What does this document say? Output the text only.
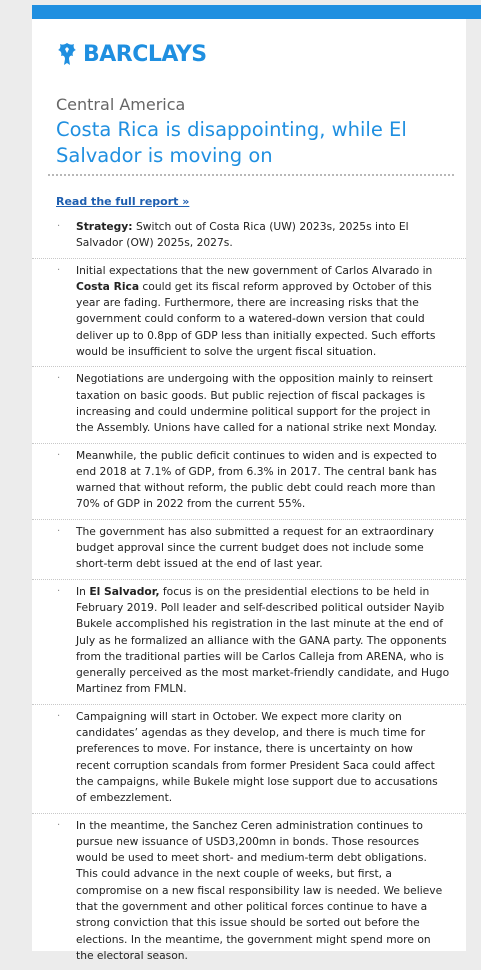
BARCLAYS
Central America
Costa Rica is disappointing, while El Salvador is moving on
Read the full report »
· Strategy: Switch out of Costa Rica (UW) 2023s, 2025s into El Salvador (OW) 2025s, 2027s.
· Initial expectations that the new government of Carlos Alvarado in Costa Rica could get its fiscal reform approved by October of this year are fading. Furthermore, there are increasing risks that the government could conform to a watered-down version that could deliver up to 0.8pp of GDP less than initially expected. Such efforts would be insufficient to solve the urgent fiscal situation.
· Negotiations are undergoing with the opposition mainly to reinsert taxation on basic goods. But public rejection of fiscal packages is increasing and could undermine political support for the project in the Assembly. Unions have called for a national strike next Monday.
· Meanwhile, the public deficit continues to widen and is expected to end 2018 at 7.1% of GDP, from 6.3% in 2017. The central bank has warned that without reform, the public debt could reach more than 70% of GDP in 2022 from the current 55%.
· The government has also submitted a request for an extraordinary budget approval since the current budget does not include some short-term debt issued at the end of last year.
· In El Salvador, focus is on the presidential elections to be held in February 2019. Poll leader and self-described political outsider Nayib Bukele accomplished his registration in the last minute at the end of July as he formalized an alliance with the GANA party. The opponents from the traditional parties will be Carlos Calleja from ARENA, who is generally perceived as the most market-friendly candidate, and Hugo Martinez from FMLN.
· Campaigning will start in October. We expect more clarity on candidates’ agendas as they develop, and there is much time for preferences to move. For instance, there is uncertainty on how recent corruption scandals from former President Saca could affect the campaigns, while Bukele might lose support due to accusations of embezzlement.
· In the meantime, the Sanchez Ceren administration continues to pursue new issuance of USD3,200mn in bonds. Those resources would be used to meet short- and medium-term debt obligations. This could advance in the next couple of weeks, but first, a compromise on a new fiscal responsibility law is needed. We believe that the government and other political forces continue to have a strong conviction that this issue should be sorted out before the elections. In the meantime, the government might spend more on the electoral season.
